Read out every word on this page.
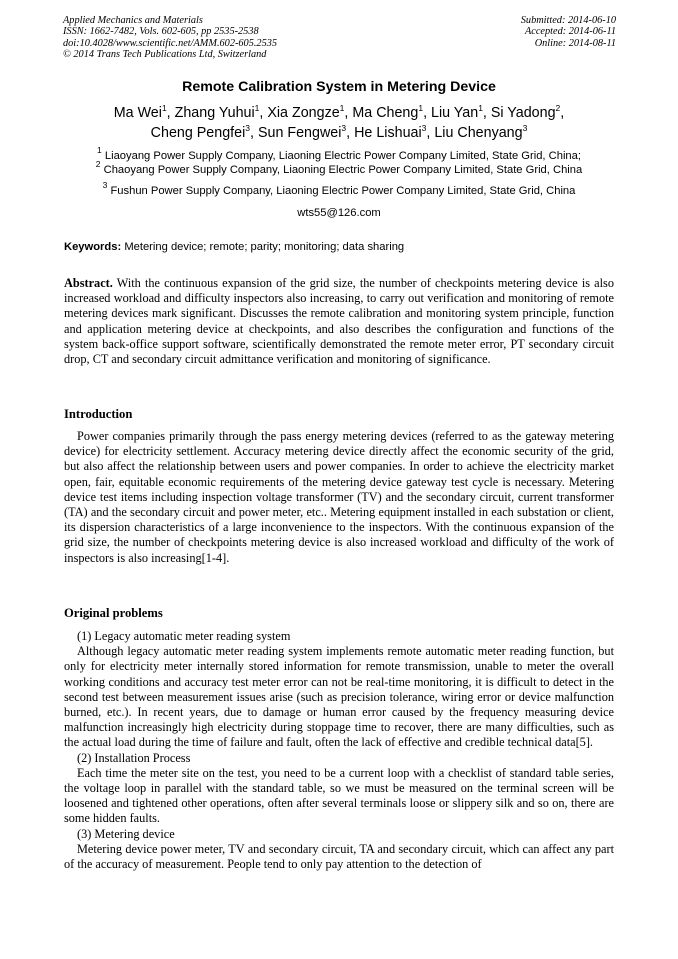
Applied Mechanics and Materials
ISSN: 1662-7482, Vols. 602-605, pp 2535-2538
doi:10.4028/www.scientific.net/AMM.602-605.2535
© 2014 Trans Tech Publications Ltd, Switzerland
Submitted: 2014-06-10
Accepted: 2014-06-11
Online: 2014-08-11
Remote Calibration System in Metering Device
Ma Wei$^1$, Zhang Yuhui$^1$, Xia Zongze$^1$, Ma Cheng$^1$, Liu Yan$^1$, Si Yadong$^2$,
Cheng Pengfei$^3$, Sun Fengwei$^3$, He Lishuai$^3$, Liu Chenyang$^3$
$^1$ Liaoyang Power Supply Company, Liaoning Electric Power Company Limited, State Grid, China;
$^2$ Chaoyang Power Supply Company, Liaoning Electric Power Company Limited, State Grid, China
$^3$ Fushun Power Supply Company, Liaoning Electric Power Company Limited, State Grid, China
wts55@126.com
Keywords: Metering device; remote; parity; monitoring; data sharing
Abstract. With the continuous expansion of the grid size, the number of checkpoints metering device is also increased workload and difficulty inspectors also increasing, to carry out verification and monitoring of remote metering devices mark significant. Discusses the remote calibration and monitoring system principle, function and application metering device at checkpoints, and also describes the configuration and functions of the system back-office support software, scientifically demonstrated the remote meter error, PT secondary circuit drop, CT and secondary circuit admittance verification and monitoring of significance.
Introduction

Power companies primarily through the pass energy metering devices (referred to as the gateway metering device) for electricity settlement. Accuracy metering device directly affect the economic security of the grid, but also affect the relationship between users and power companies. In order to achieve the electricity market open, fair, equitable economic requirements of the metering device gateway test cycle is necessary. Metering device test items including inspection voltage transformer (TV) and the secondary circuit, current transformer (TA) and the secondary circuit and power meter, etc.. Metering equipment installed in each substation or client, its dispersion characteristics of a large inconvenience to the inspectors. With the continuous expansion of the grid size, the number of checkpoints metering device is also increased workload and difficulty of the work of inspectors is also increasing[1-4].

Original problems

(1) Legacy automatic meter reading system

Although legacy automatic meter reading system implements remote automatic meter reading function, but only for electricity meter internally stored information for remote transmission, unable to meter the overall working conditions and accuracy test meter error can not be real-time monitoring, it is difficult to detect in the second test between measurement issues arise (such as precision tolerance, wiring error or device malfunction burned, etc.). In recent years, due to damage or human error caused by the frequency measuring device malfunction increasingly high electricity during stoppage time to recover, there are many difficulties, such as the actual load during the time of failure and fault, often the lack of effective and credible technical data[5].

(2) Installation Process

Each time the meter site on the test, you need to be a current loop with a checklist of standard table series, the voltage loop in parallel with the standard table, so we must be measured on the terminal screen will be loosened and tightened other operations, often after several terminals loose or slippery silk and so on, there are some hidden faults.

(3) Metering device

Metering device power meter, TV and secondary circuit, TA and secondary circuit, which can affect any part of the accuracy of measurement. People tend to only pay attention to the detection of
